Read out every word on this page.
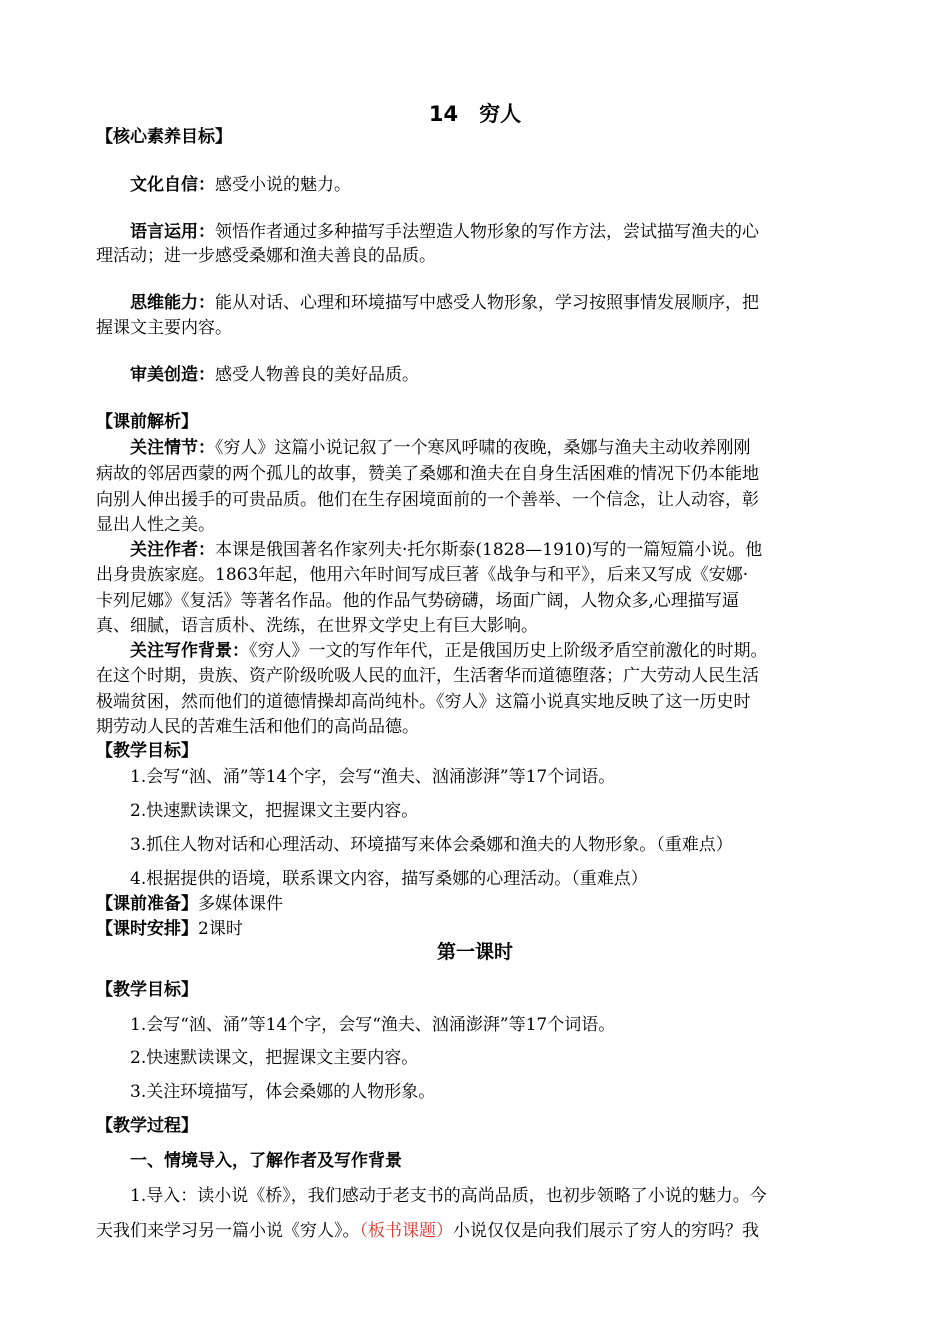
14　穷人
【核心素养目标】
文化自信：感受小说的魅力。
语言运用：领悟作者通过多种描写手法塑造人物形象的写作方法，尝试描写渔夫的心
理活动；进一步感受桑娜和渔夫善良的品质。
思维能力：能从对话、心理和环境描写中感受人物形象，学习按照事情发展顺序，把
握课文主要内容。
审美创造：感受人物善良的美好品质。
【课前解析】
关注情节：《穷人》这篇小说记叙了一个寒风呼啸的夜晚，桑娜与渔夫主动收养刚刚
病故的邻居西蒙的两个孤儿的故事，赞美了桑娜和渔夫在自身生活困难的情况下仍本能地
向别人伸出援手的可贵品质。他们在生存困境面前的一个善举、一个信念，让人动容，彰
显出人性之美。
关注作者：本课是俄国著名作家列夫·托尔斯泰(1828—1910)写的一篇短篇小说。他
出身贵族家庭。1863年起，他用六年时间写成巨著《战争与和平》，后来又写成《安娜·
卡列尼娜》《复活》等著名作品。他的作品气势磅礴，场面广阔，人物众多,心理描写逼
真、细腻，语言质朴、洗练，在世界文学史上有巨大影响。
关注写作背景：《穷人》一文的写作年代，正是俄国历史上阶级矛盾空前激化的时期。
在这个时期，贵族、资产阶级吮吸人民的血汗，生活奢华而道德堕落；广大劳动人民生活
极端贫困，然而他们的道德情操却高尚纯朴。《穷人》这篇小说真实地反映了这一历史时
期劳动人民的苦难生活和他们的高尚品德。
【教学目标】
1.会写“汹、涌”等14个字，会写“渔夫、汹涌澎湃”等17个词语。
2.快速默读课文，把握课文主要内容。
3.抓住人物对话和心理活动、环境描写来体会桑娜和渔夫的人物形象。（重难点）
4.根据提供的语境，联系课文内容，描写桑娜的心理活动。（重难点）
【课前准备】多媒体课件
【课时安排】2课时
第一课时
【教学目标】
1.会写“汹、涌”等14个字，会写“渔夫、汹涌澎湃”等17个词语。
2.快速默读课文，把握课文主要内容。
3.关注环境描写，体会桑娜的人物形象。
【教学过程】
一、情境导入，了解作者及写作背景
1.导入：读小说《桥》，我们感动于老支书的高尚品质，也初步领略了小说的魅力。今
天我们来学习另一篇小说《穷人》。（板书课题）小说仅仅是向我们展示了穷人的穷吗？我
